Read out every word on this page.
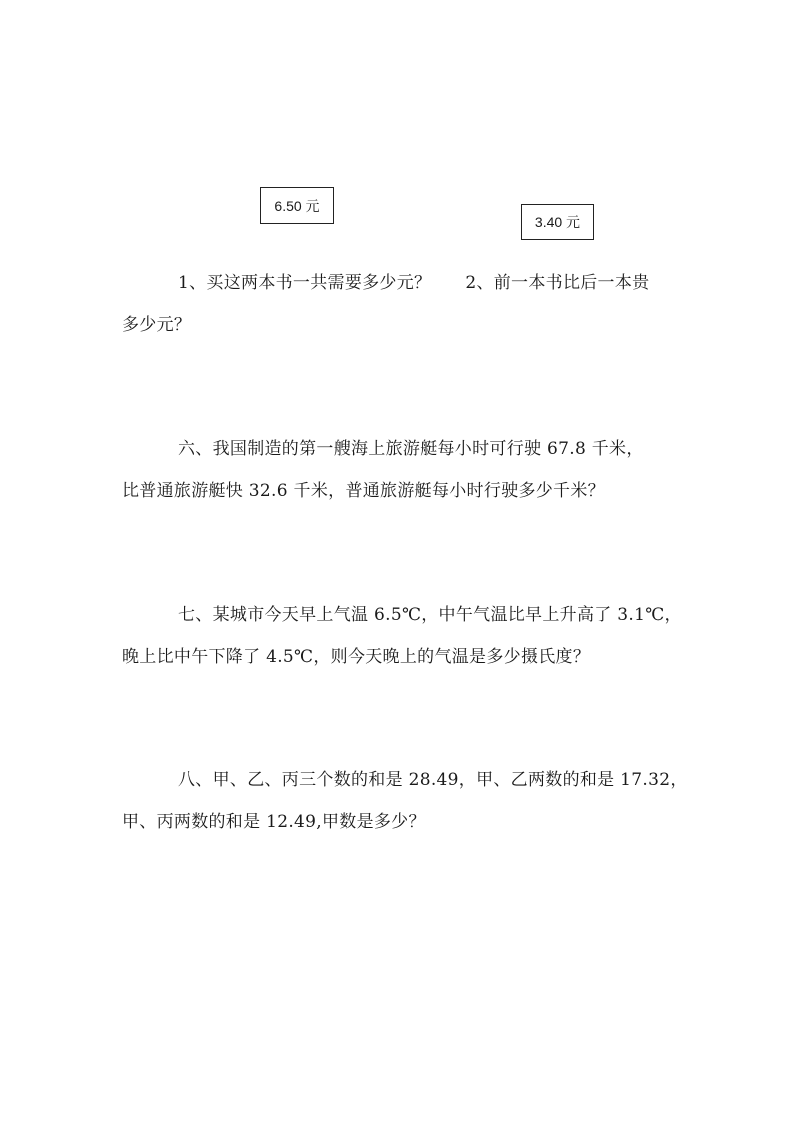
6.50 元
3.40 元
1、买这两本书一共需要多少元？ 2、前一本书比后一本贵
多少元？
六、我国制造的第一艘海上旅游艇每小时可行驶 67.8 千米，
比普通旅游艇快 32.6 千米，普通旅游艇每小时行驶多少千米？
七、某城市今天早上气温 6.5℃，中午气温比早上升高了 3.1℃，
晚上比中午下降了 4.5℃，则今天晚上的气温是多少摄氏度？
八、甲、乙、丙三个数的和是 28.49，甲、乙两数的和是 17.32，
甲、丙两数的和是 12.49,甲数是多少？
